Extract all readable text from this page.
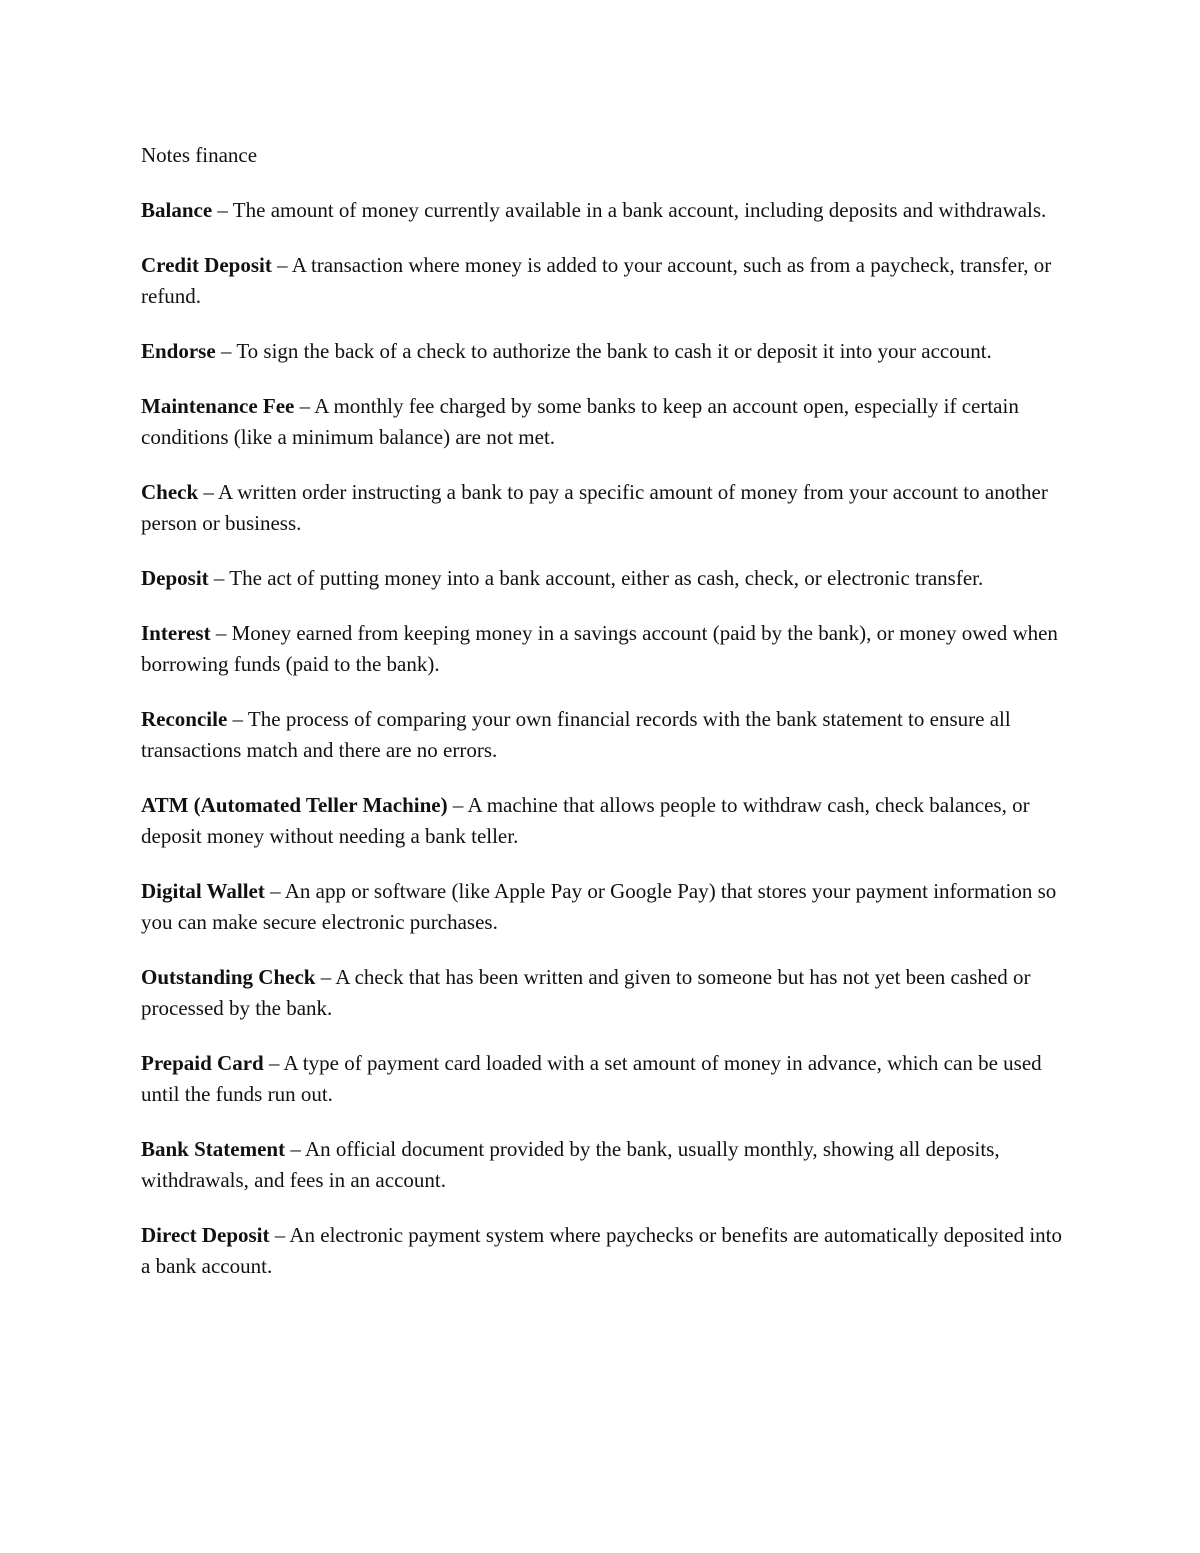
Notes finance

Balance – The amount of money currently available in a bank account, including deposits and withdrawals.
Credit Deposit – A transaction where money is added to your account, such as from a paycheck, transfer, or refund.
Endorse – To sign the back of a check to authorize the bank to cash it or deposit it into your account.
Maintenance Fee – A monthly fee charged by some banks to keep an account open, especially if certain conditions (like a minimum balance) are not met.
Check – A written order instructing a bank to pay a specific amount of money from your account to another person or business.
Deposit – The act of putting money into a bank account, either as cash, check, or electronic transfer.
Interest – Money earned from keeping money in a savings account (paid by the bank), or money owed when borrowing funds (paid to the bank).
Reconcile – The process of comparing your own financial records with the bank statement to ensure all transactions match and there are no errors.
ATM (Automated Teller Machine) – A machine that allows people to withdraw cash, check balances, or deposit money without needing a bank teller.
Digital Wallet – An app or software (like Apple Pay or Google Pay) that stores your payment information so you can make secure electronic purchases.
Outstanding Check – A check that has been written and given to someone but has not yet been cashed or processed by the bank.
Prepaid Card – A type of payment card loaded with a set amount of money in advance, which can be used until the funds run out.
Bank Statement – An official document provided by the bank, usually monthly, showing all deposits, withdrawals, and fees in an account.
Direct Deposit – An electronic payment system where paychecks or benefits are automatically deposited into a bank account.
